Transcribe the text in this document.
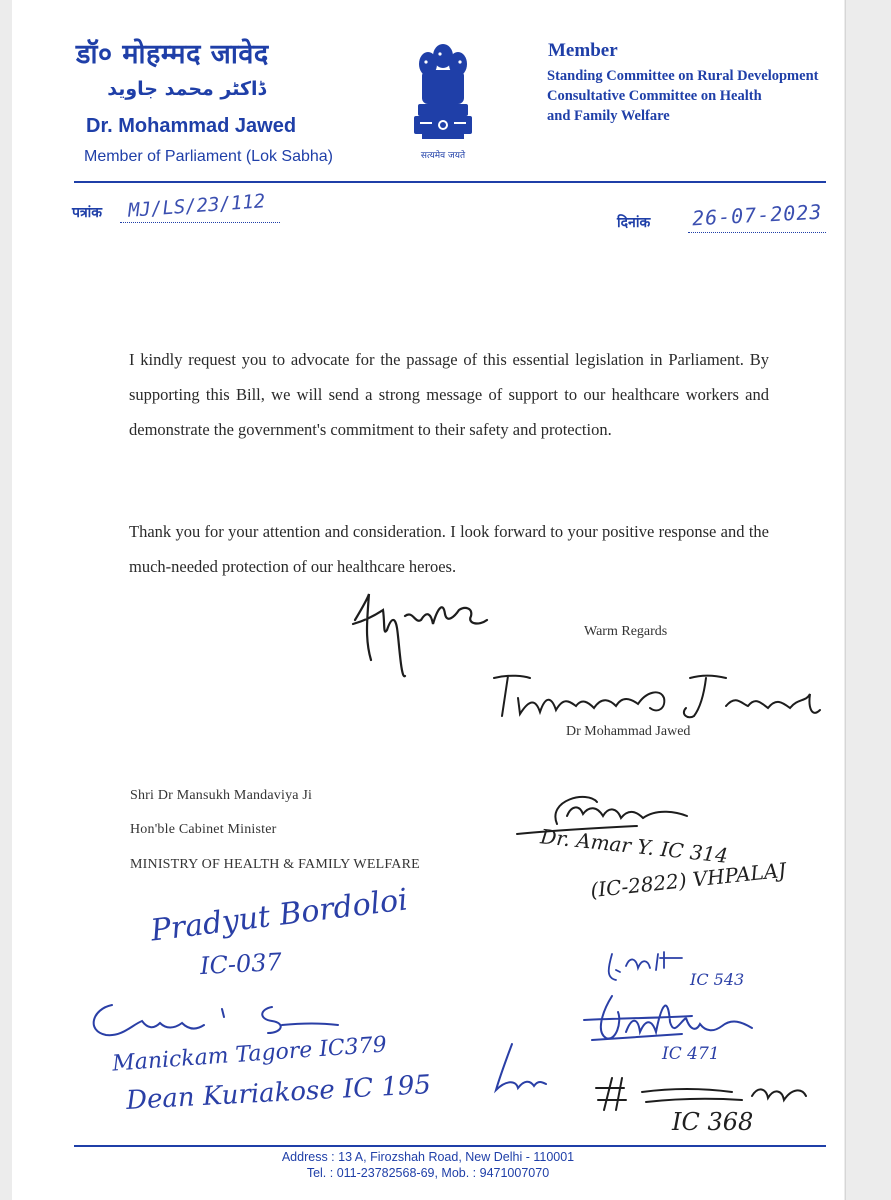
डॉ० मोहम्मद जावेद
ڈاکٹر محمد جاوید
Dr. Mohammad Jawed
Member of Parliament (Lok Sabha)	सत्यमेव जयते
Member
Standing Committee on Rural Development
Consultative Committee on Health
and Family Welfare
पत्रांक MJ/LS/23/112
दिनांक 26-07-2023
I kindly request you to advocate for the passage of this essential legislation in Parliament. By supporting this Bill, we will send a strong message of support to our healthcare workers and demonstrate the government's commitment to their safety and protection.
Thank you for your attention and consideration. I look forward to your positive response and the much-needed protection of our healthcare heroes.
Warm Regards
Dr Mohammad Jawed
Shri Dr Mansukh Mandaviya Ji
Hon'ble Cabinet Minister
MINISTRY OF HEALTH & FAMILY WELFARE	Dr. Amar Y. IC 314
(IC-2822) VHPALAJ
Pradyut Bordoloi
IC-037	IC 543
IC 471
Manickam Tagore IC379
Dean Kuriakose IC 195
IC 368
Address : 13 A, Firozshah Road, New Delhi - 110001
Tel. : 011-23782568-69, Mob. : 9471007070
